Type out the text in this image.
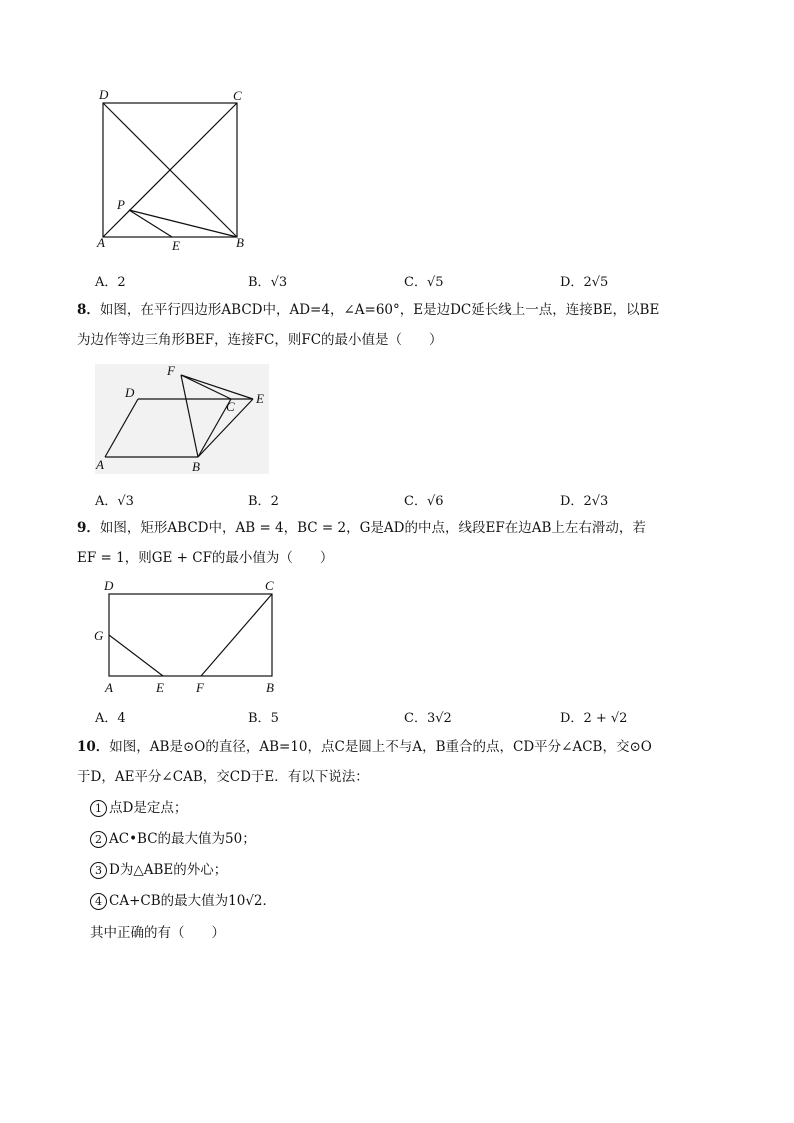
D	C
P
A	E	B
A．2	B．√3	C．√5	D．2√5
8．如图，在平行四边形ABCD中，AD=4，∠A=60°，E是边DC延长线上一点，连接BE，以BE
为边作等边三角形BEF，连接FC，则FC的最小值是（　　）
F
D
C
E
A	B
A．√3	B．2	C．√6	D．2√3
9．如图，矩形ABCD中，AB = 4，BC = 2，G是AD的中点，线段EF在边AB上左右滑动，若
EF = 1，则GE + CF的最小值为（　　）
D	C
G
A	E F	B
A．4	B．5	C．3√2	D．2 + √2
10．如图，AB是⊙O的直径，AB=10，点C是圆上不与A，B重合的点，CD平分∠ACB，交⊙O
于D，AE平分∠CAB，交CD于E．有以下说法：
1 点D是定点；
2 AC•BC的最大值为50；
3 D为△ABE的外心；
4 CA+CB的最大值为10√2．
其中正确的有（　　）
